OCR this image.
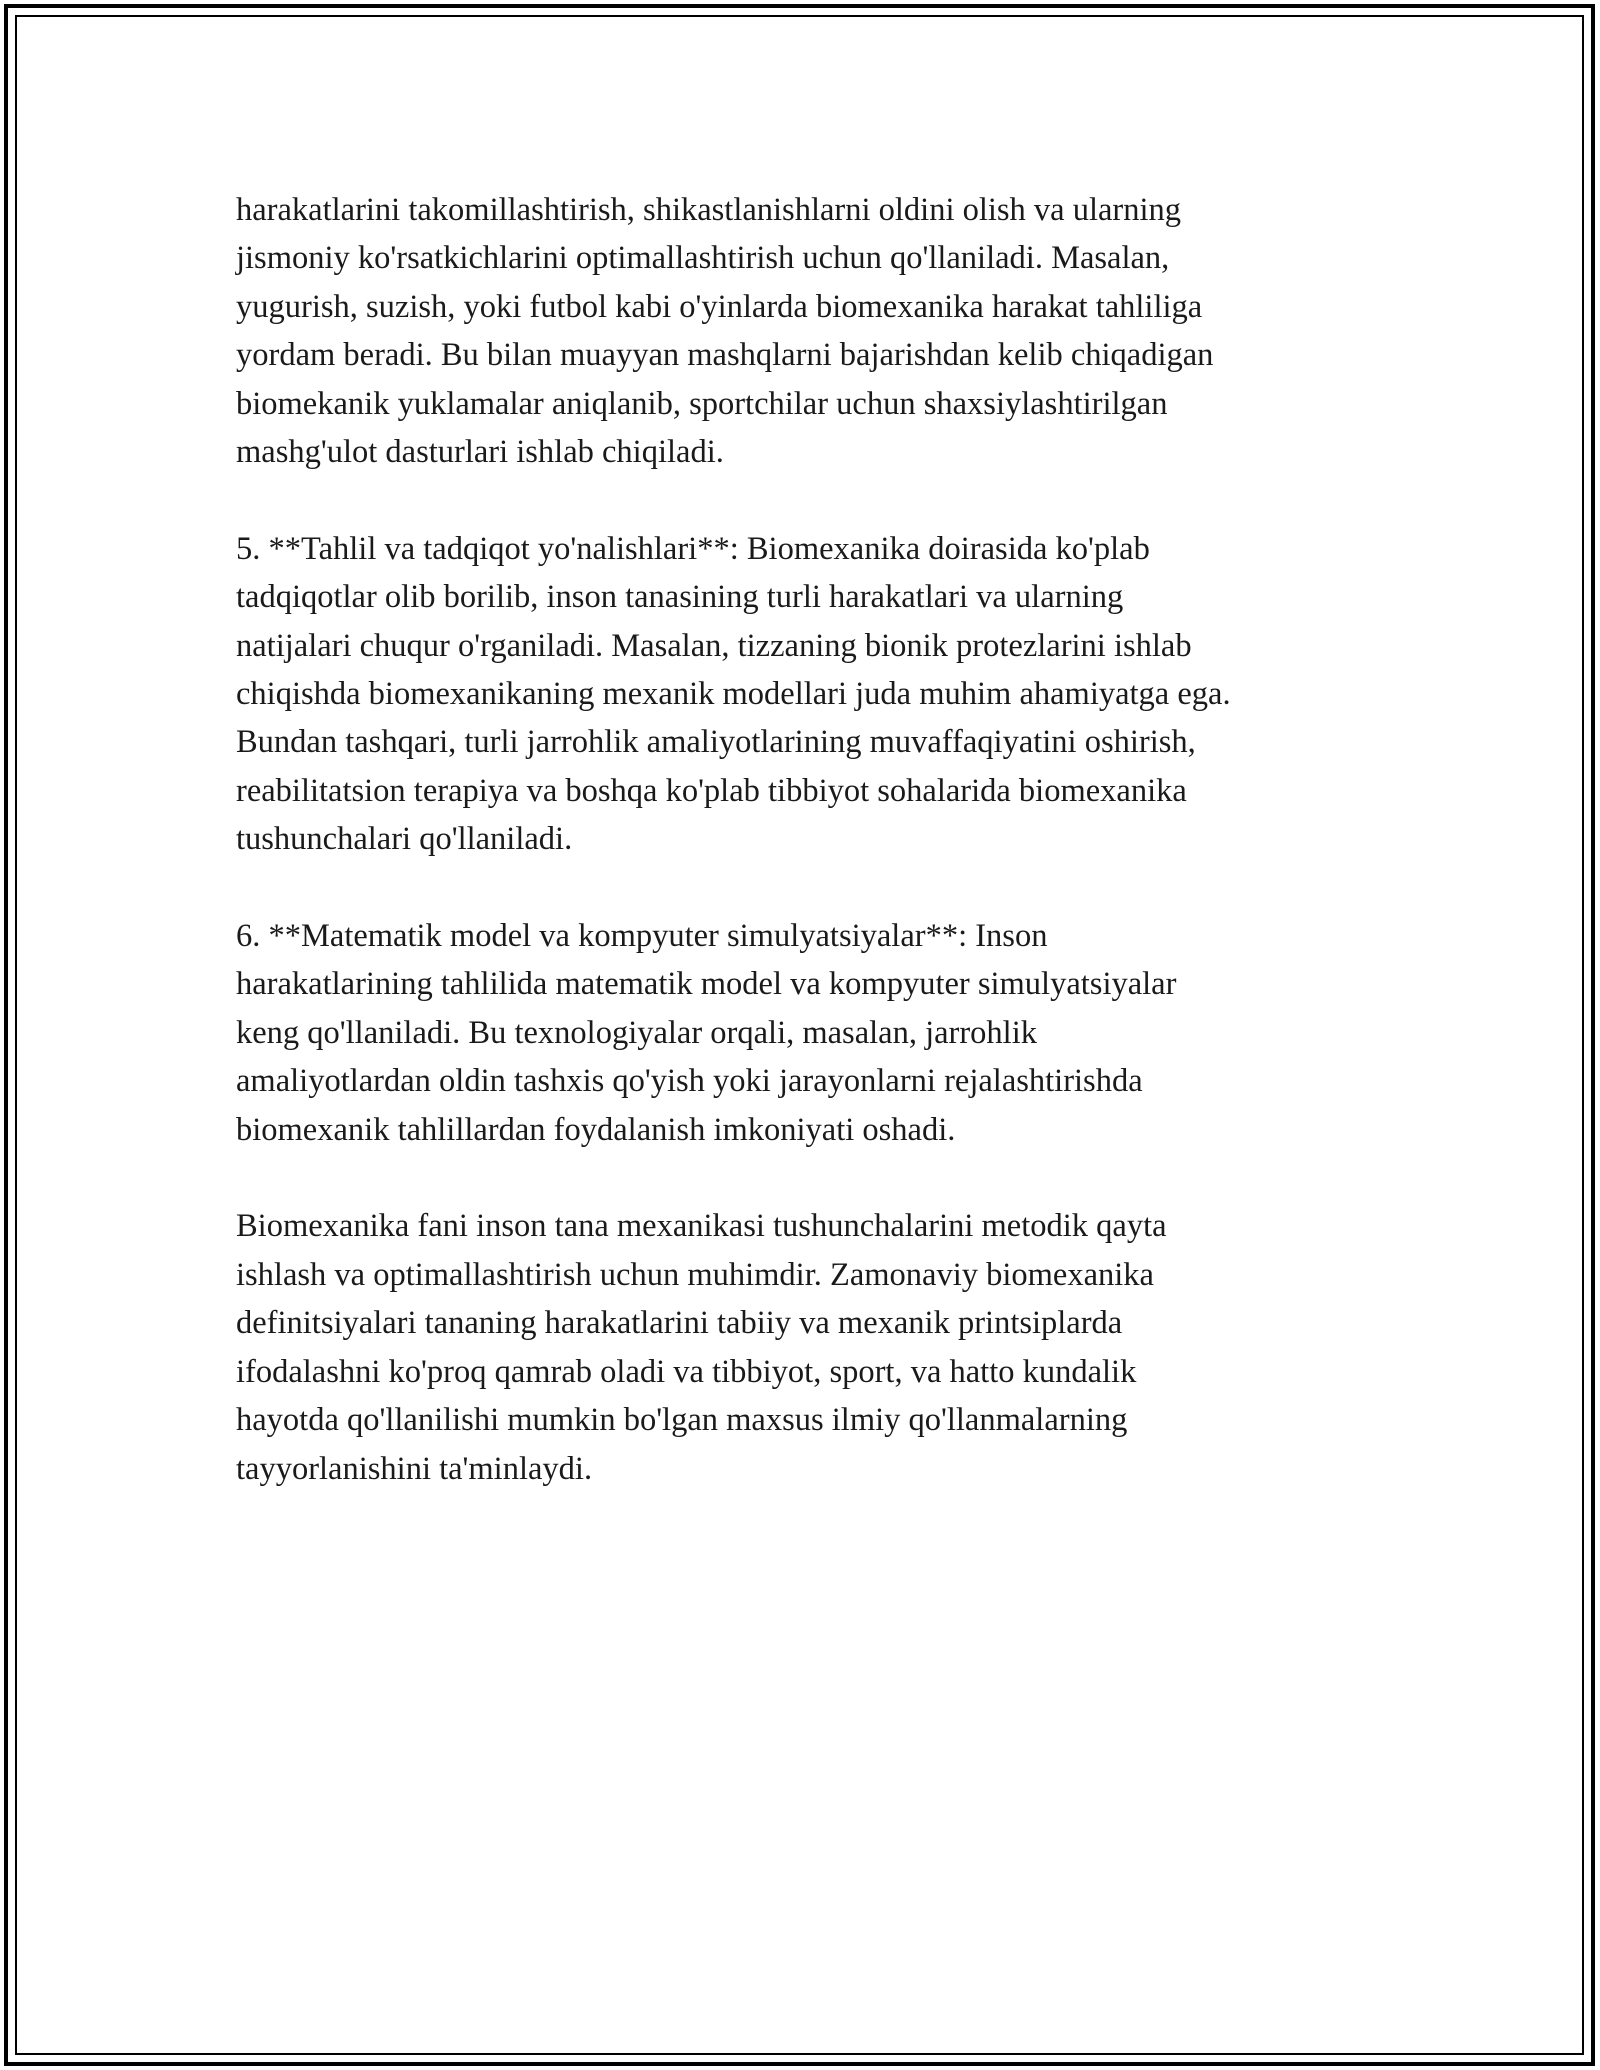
harakatlarini takomillashtirish, shikastlanishlarni oldini olish va ularning
jismoniy ko'rsatkichlarini optimallashtirish uchun qo'llaniladi. Masalan,
yugurish, suzish, yoki futbol kabi o'yinlarda biomexanika harakat tahliliga
yordam beradi. Bu bilan muayyan mashqlarni bajarishdan kelib chiqadigan
biomekanik yuklamalar aniqlanib, sportchilar uchun shaxsiylashtirilgan
mashg'ulot dasturlari ishlab chiqiladi.

5. **Tahlil va tadqiqot yo'nalishlari**: Biomexanika doirasida ko'plab
tadqiqotlar olib borilib, inson tanasining turli harakatlari va ularning
natijalari chuqur o'rganiladi. Masalan, tizzaning bionik protezlarini ishlab
chiqishda biomexanikaning mexanik modellari juda muhim ahamiyatga ega.
Bundan tashqari, turli jarrohlik amaliyotlarining muvaffaqiyatini oshirish,
reabilitatsion terapiya va boshqa ko'plab tibbiyot sohalarida biomexanika
tushunchalari qo'llaniladi.

6. **Matematik model va kompyuter simulyatsiyalar**: Inson
harakatlarining tahlilida matematik model va kompyuter simulyatsiyalar
keng qo'llaniladi. Bu texnologiyalar orqali, masalan, jarrohlik
amaliyotlardan oldin tashxis qo'yish yoki jarayonlarni rejalashtirishda
biomexanik tahlillardan foydalanish imkoniyati oshadi.

Biomexanika fani inson tana mexanikasi tushunchalarini metodik qayta
ishlash va optimallashtirish uchun muhimdir. Zamonaviy biomexanika
definitsiyalari tananing harakatlarini tabiiy va mexanik printsiplarda
ifodalashni ko'proq qamrab oladi va tibbiyot, sport, va hatto kundalik
hayotda qo'llanilishi mumkin bo'lgan maxsus ilmiy qo'llanmalarning
tayyorlanishini ta'minlaydi.
